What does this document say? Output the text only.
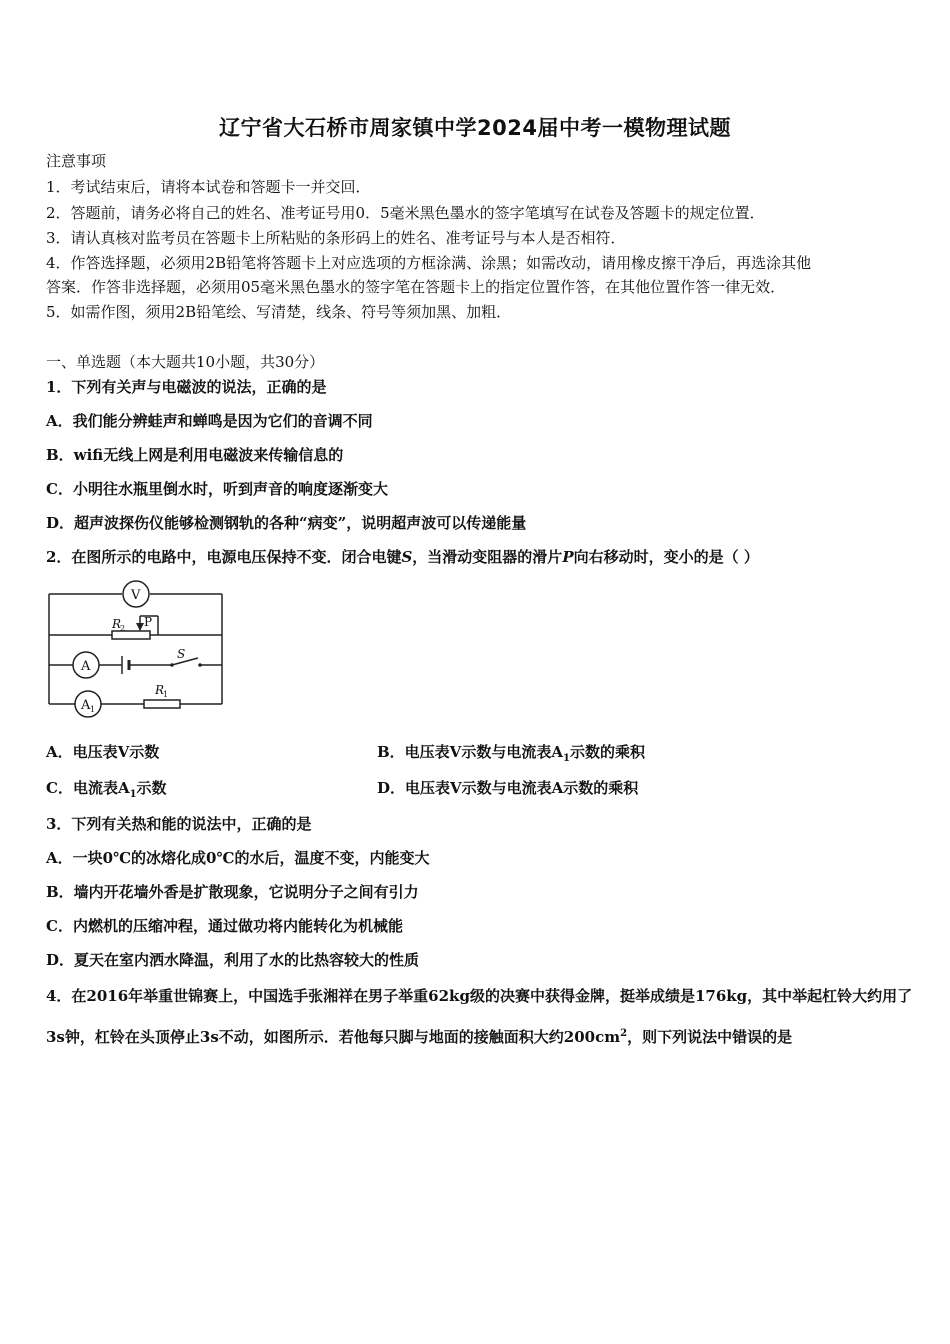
辽宁省大石桥市周家镇中学2024届中考一模物理试题
注意事项
1．考试结束后，请将本试卷和答题卡一并交回．
2．答题前，请务必将自己的姓名、准考证号用0．5毫米黑色墨水的签字笔填写在试卷及答题卡的规定位置．
3．请认真核对监考员在答题卡上所粘贴的条形码上的姓名、准考证号与本人是否相符．
4．作答选择题，必须用2B铅笔将答题卡上对应选项的方框涂满、涂黑；如需改动，请用橡皮擦干净后，再选涂其他
答案．作答非选择题，必须用05毫米黑色墨水的签字笔在答题卡上的指定位置作答，在其他位置作答一律无效．
5．如需作图，须用2B铅笔绘、写清楚，线条、符号等须加黑、加粗．
一、单选题（本大题共10小题，共30分）
1．下列有关声与电磁波的说法，正确的是
A．我们能分辨蛙声和蝉鸣是因为它们的音调不同
B．wifi无线上网是利用电磁波来传输信息的
C．小明往水瓶里倒水时，听到声音的响度逐渐变大
D．超声波探伤仪能够检测钢轨的各种“病变”，说明超声波可以传递能量
2．在图所示的电路中，电源电压保持不变．闭合电键S，当滑动变阻器的滑片P向右移动时，变小的是（ ）
V
A
A 1
R
2 P
S
R
1
A．电压表V示数	B．电压表V示数与电流表$A_1$示数的乘积
C．电流表$A_1$示数	D．电压表V示数与电流表A示数的乘积
3．下列有关热和能的说法中，正确的是
A．一块0℃的冰熔化成0℃的水后，温度不变，内能变大
B．墙内开花墙外香是扩散现象，它说明分子之间有引力
C．内燃机的压缩冲程，通过做功将内能转化为机械能
D．夏天在室内洒水降温，利用了水的比热容较大的性质
4．在2016年举重世锦赛上，中国选手张湘祥在男子举重62kg级的决赛中获得金牌，挺举成绩是176kg，其中举起杠铃大约用了3s钟，杠铃在头顶停止3s不动，如图所示．若他每只脚与地面的接触面积大约$200cm^2$，则下列说法中错误的是
